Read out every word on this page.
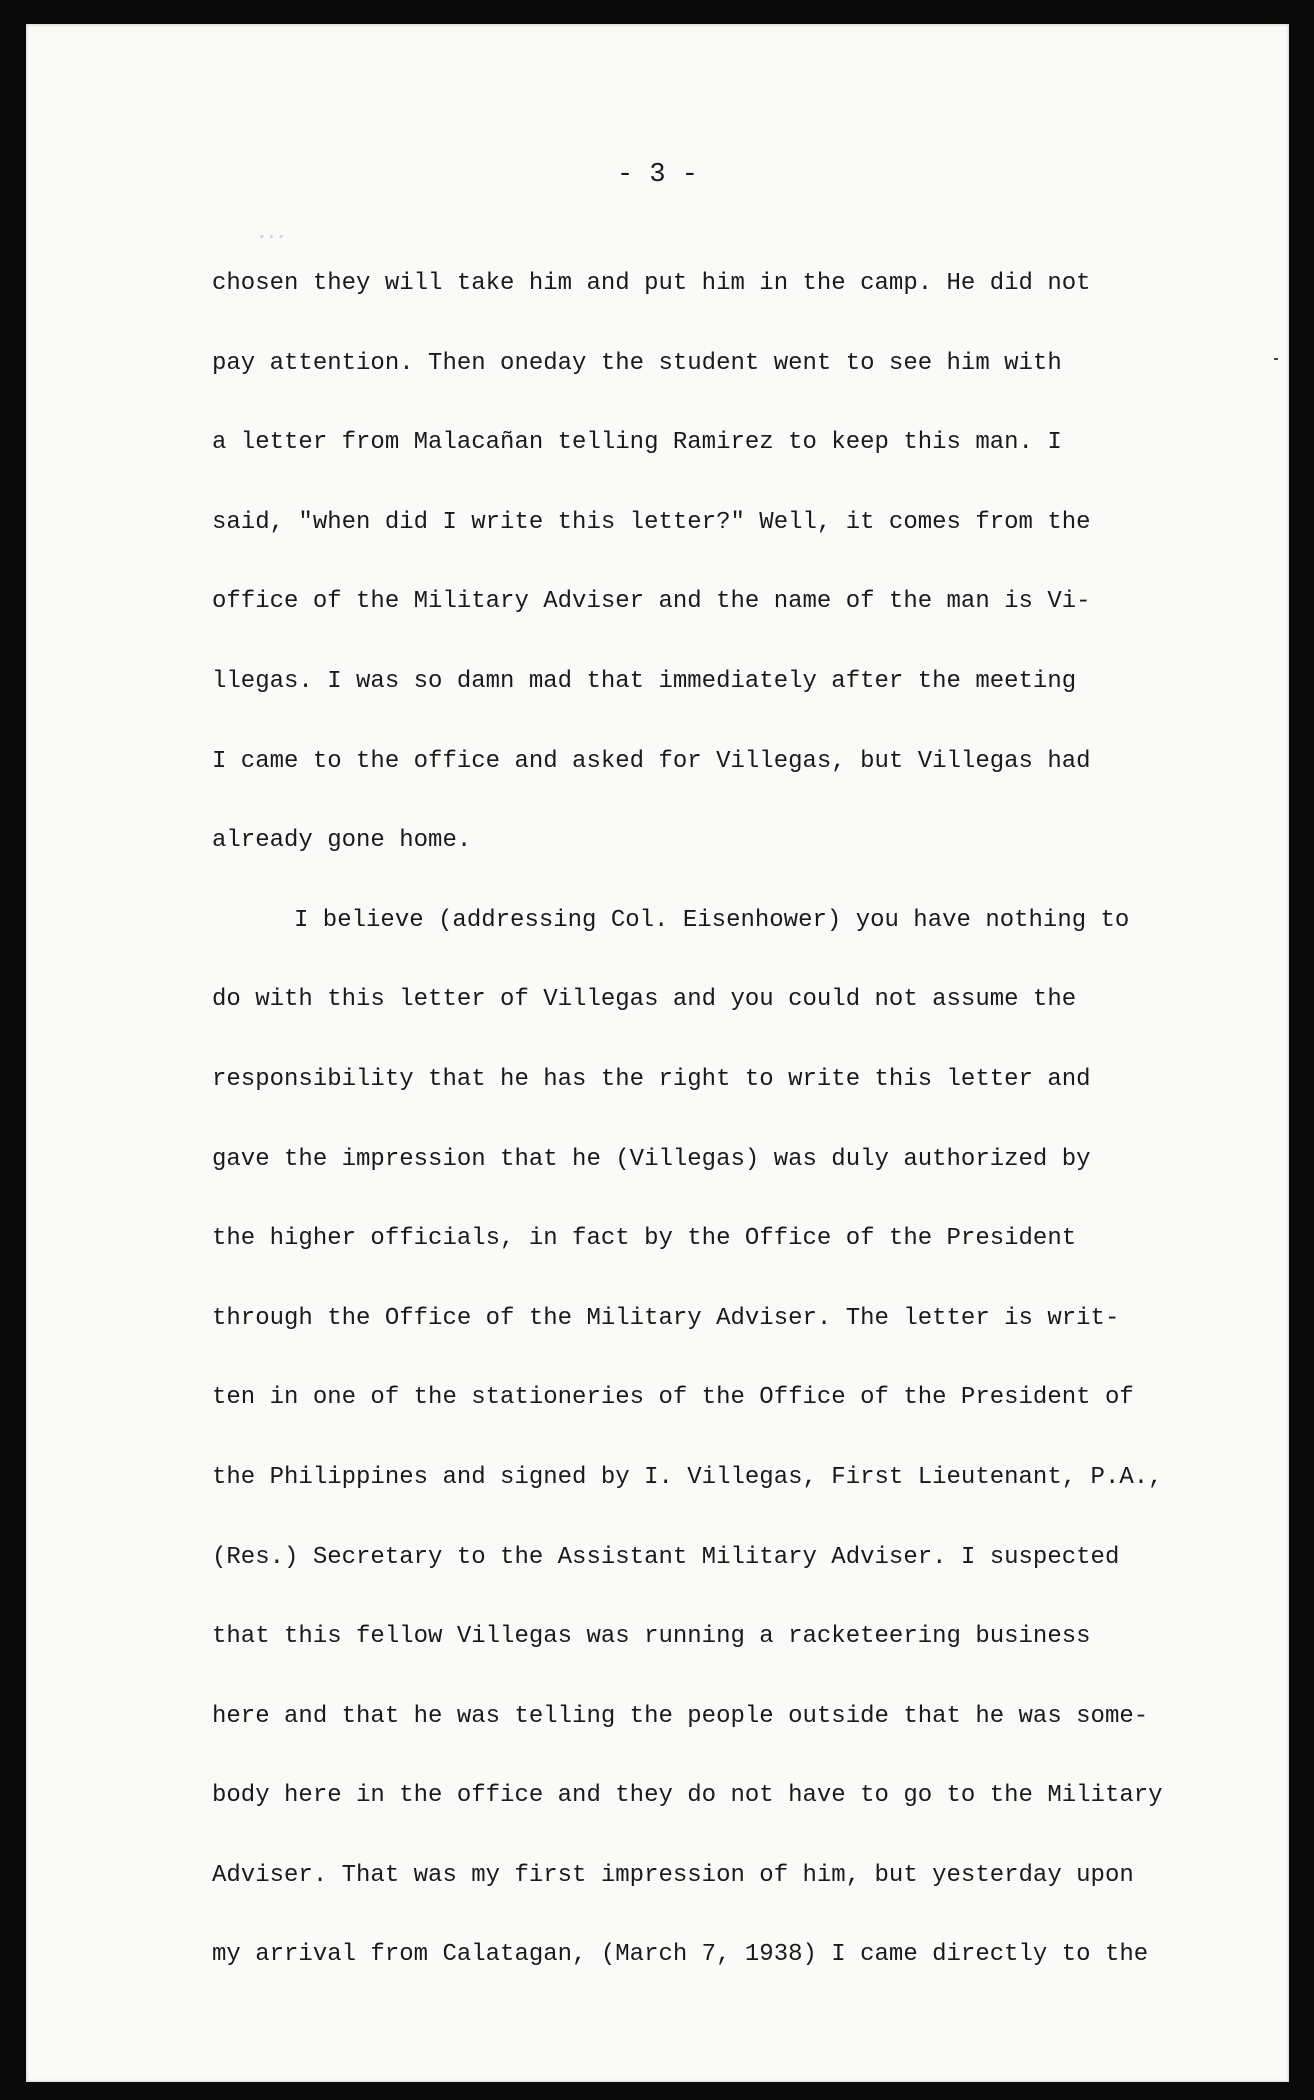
- 3 -
...
chosen they will take him and put him in the camp. He did not
pay attention. Then oneday the student went to see him with
a letter from Malacañan telling Ramirez to keep this man. I
said, "when did I write this letter?" Well, it comes from the
office of the Military Adviser and the name of the man is Vi-
llegas. I was so damn mad that immediately after the meeting
I came to the office and asked for Villegas, but Villegas had
already gone home.
I believe (addressing Col. Eisenhower) you have nothing to
do with this letter of Villegas and you could not assume the
responsibility that he has the right to write this letter and
gave the impression that he (Villegas) was duly authorized by
the higher officials, in fact by the Office of the President
through the Office of the Military Adviser. The letter is writ-
ten in one of the stationeries of the Office of the President of
the Philippines and signed by I. Villegas, First Lieutenant, P.A.,
(Res.) Secretary to the Assistant Military Adviser. I suspected
that this fellow Villegas was running a racketeering business
here and that he was telling the people outside that he was some-
body here in the office and they do not have to go to the Military
Adviser. That was my first impression of him, but yesterday upon
my arrival from Calatagan, (March 7, 1938) I came directly to the
